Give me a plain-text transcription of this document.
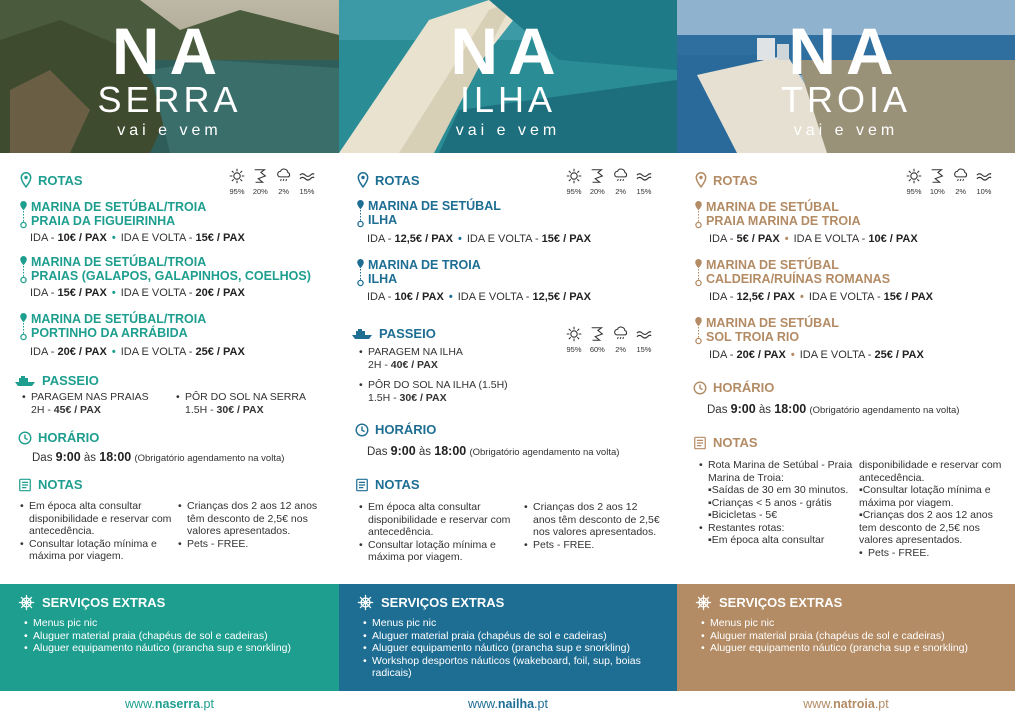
NA
SERRA
vai e vem
ROTAS
95%	20%	2%	15%
MARINA DE SETÚBAL/TROIA
PRAIA DA FIGUEIRINHA
IDA - 10€ / PAX • IDA E VOLTA - 15€ / PAX
MARINA DE SETÚBAL/TROIA
PRAIAS (GALAPOS, GALAPINHOS, COELHOS)
IDA - 15€ / PAX • IDA E VOLTA - 20€ / PAX
MARINA DE SETÚBAL/TROIA
PORTINHO DA ARRÁBIDA
IDA - 20€ / PAX • IDA E VOLTA - 25€ / PAX
PASSEIO
• PARAGEM NAS PRAIAS
2H - 45€ / PAX
• PÔR DO SOL NA SERRA
1.5H - 30€ / PAX
HORÁRIO
Das 9:00 às 18:00 (Obrigatório agendamento na volta)
NOTAS
• Em época alta consultar disponibilidade e reservar com antecedência.
• Consultar lotação mínima e máxima por viagem.
• Crianças dos 2 aos 12 anos têm desconto de 2,5€ nos valores apresentados.
• Pets - FREE.
SERVIÇOS EXTRAS
• Menus pic nic
• Aluguer material praia (chapéus de sol e cadeiras)
• Aluguer equipamento náutico (prancha sup e snorkling)
www.naserra.pt
NA
ILHA
vai e vem
ROTAS
95%	20%	2%	15%
MARINA DE SETÚBAL
ILHA
IDA - 12,5€ / PAX • IDA E VOLTA - 15€ / PAX
MARINA DE TROIA
ILHA
IDA - 10€ / PAX • IDA E VOLTA - 12,5€ / PAX
PASSEIO
95%	60%	2%	15%
• PARAGEM NA ILHA
2H - 40€ / PAX
• PÔR DO SOL NA ILHA (1.5H)
1.5H - 30€ / PAX
HORÁRIO
Das 9:00 às 18:00 (Obrigatório agendamento na volta)
NOTAS
• Em época alta consultar disponibilidade e reservar com antecedência.
• Consultar lotação mínima e máxima por viagem.
• Crianças dos 2 aos 12 anos têm desconto de 2,5€ nos valores apresentados.
• Pets - FREE.
SERVIÇOS EXTRAS
• Menus pic nic
• Aluguer material praia (chapéus de sol e cadeiras)
• Aluguer equipamento náutico (prancha sup e snorkling)
• Workshop desportos náuticos (wakeboard, foil, sup, boias radicais)
www.nailha.pt
NA
TROIA
vai e vem
ROTAS
95%	10%	2%	10%
MARINA DE SETÚBAL
PRAIA MARINA DE TROIA
IDA - 5€ / PAX • IDA E VOLTA - 10€ / PAX
MARINA DE SETÚBAL
CALDEIRA/RUÍNAS ROMANAS
IDA - 12,5€ / PAX • IDA E VOLTA - 15€ / PAX
MARINA DE SETÚBAL
SOL TROIA RIO
IDA - 20€ / PAX • IDA E VOLTA - 25€ / PAX
HORÁRIO
Das 9:00 às 18:00 (Obrigatório agendamento na volta)
NOTAS
• Rota Marina de Setúbal - Praia Marina de Troia:
▪Saídas de 30 em 30 minutos.
▪Crianças < 5 anos - grátis
▪Bicicletas - 5€
• Restantes rotas:
▪Em época alta consultar
disponibilidade e reservar com antecedência.
▪Consultar lotação mínima e máxima por viagem.
▪Crianças dos 2 aos 12 anos tem desconto de 2,5€ nos valores apresentados.
• Pets - FREE.
SERVIÇOS EXTRAS
• Menus pic nic
• Aluguer material praia (chapéus de sol e cadeiras)
• Aluguer equipamento náutico (prancha sup e snorkling)
www.natroia.pt
